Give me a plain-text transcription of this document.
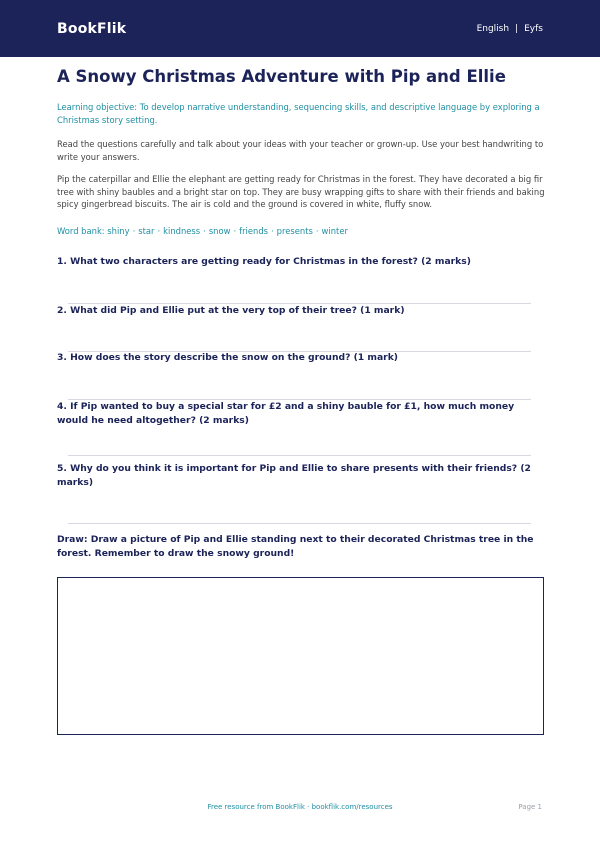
BookFlik	English | Eyfs
A Snowy Christmas Adventure with Pip and Ellie

Learning objective: To develop narrative understanding, sequencing skills, and descriptive language by exploring a Christmas story setting.

Read the questions carefully and talk about your ideas with your teacher or grown-up. Use your best handwriting to write your answers.

Pip the caterpillar and Ellie the elephant are getting ready for Christmas in the forest. They have decorated a big fir tree with shiny baubles and a bright star on top. They are busy wrapping gifts to share with their friends and baking spicy gingerbread biscuits. The air is cold and the ground is covered in white, fluffy snow.

Word bank: shiny · star · kindness · snow · friends · presents · winter

1. What two characters are getting ready for Christmas in the forest? (2 marks)

2. What did Pip and Ellie put at the very top of their tree? (1 mark)

3. How does the story describe the snow on the ground? (1 mark)

4. If Pip wanted to buy a special star for £2 and a shiny bauble for £1, how much money would he need altogether? (2 marks)

5. Why do you think it is important for Pip and Ellie to share presents with their friends? (2 marks)

Draw: Draw a picture of Pip and Ellie standing next to their decorated Christmas tree in the forest. Remember to draw the snowy ground!

Free resource from BookFlik · bookflik.com/resources	Page 1
